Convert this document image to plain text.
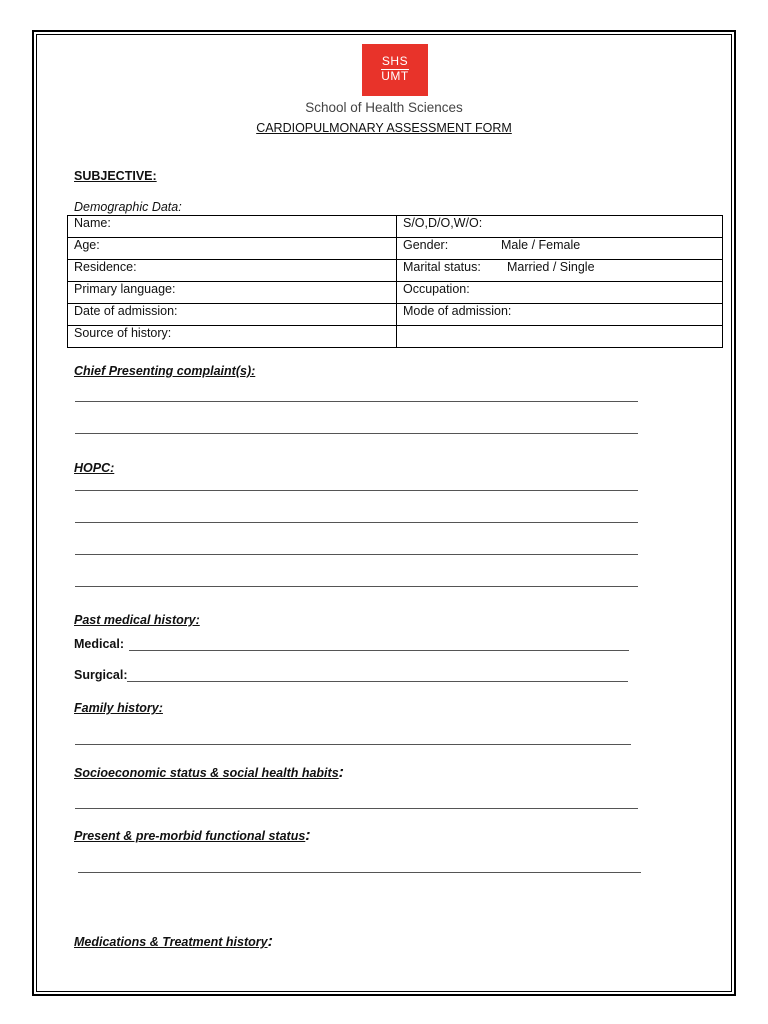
SHS
UMT
School of Health Sciences
CARDIOPULMONARY ASSESSMENT FORM
SUBJECTIVE:
Demographic Data:
Name:	S/O,D/O,W/O:
Age:	Gender: Male / Female

Residence:	Marital status: Married / Single

Primary language:	Occupation:
Date of admission:	Mode of admission:
Source of history:	
Chief Presenting complaint(s):
HOPC:
Past medical history:
Medical:
Surgical:
Family history:
Socioeconomic status & social health habits:
Present & pre-morbid functional status:
Medications & Treatment history:
